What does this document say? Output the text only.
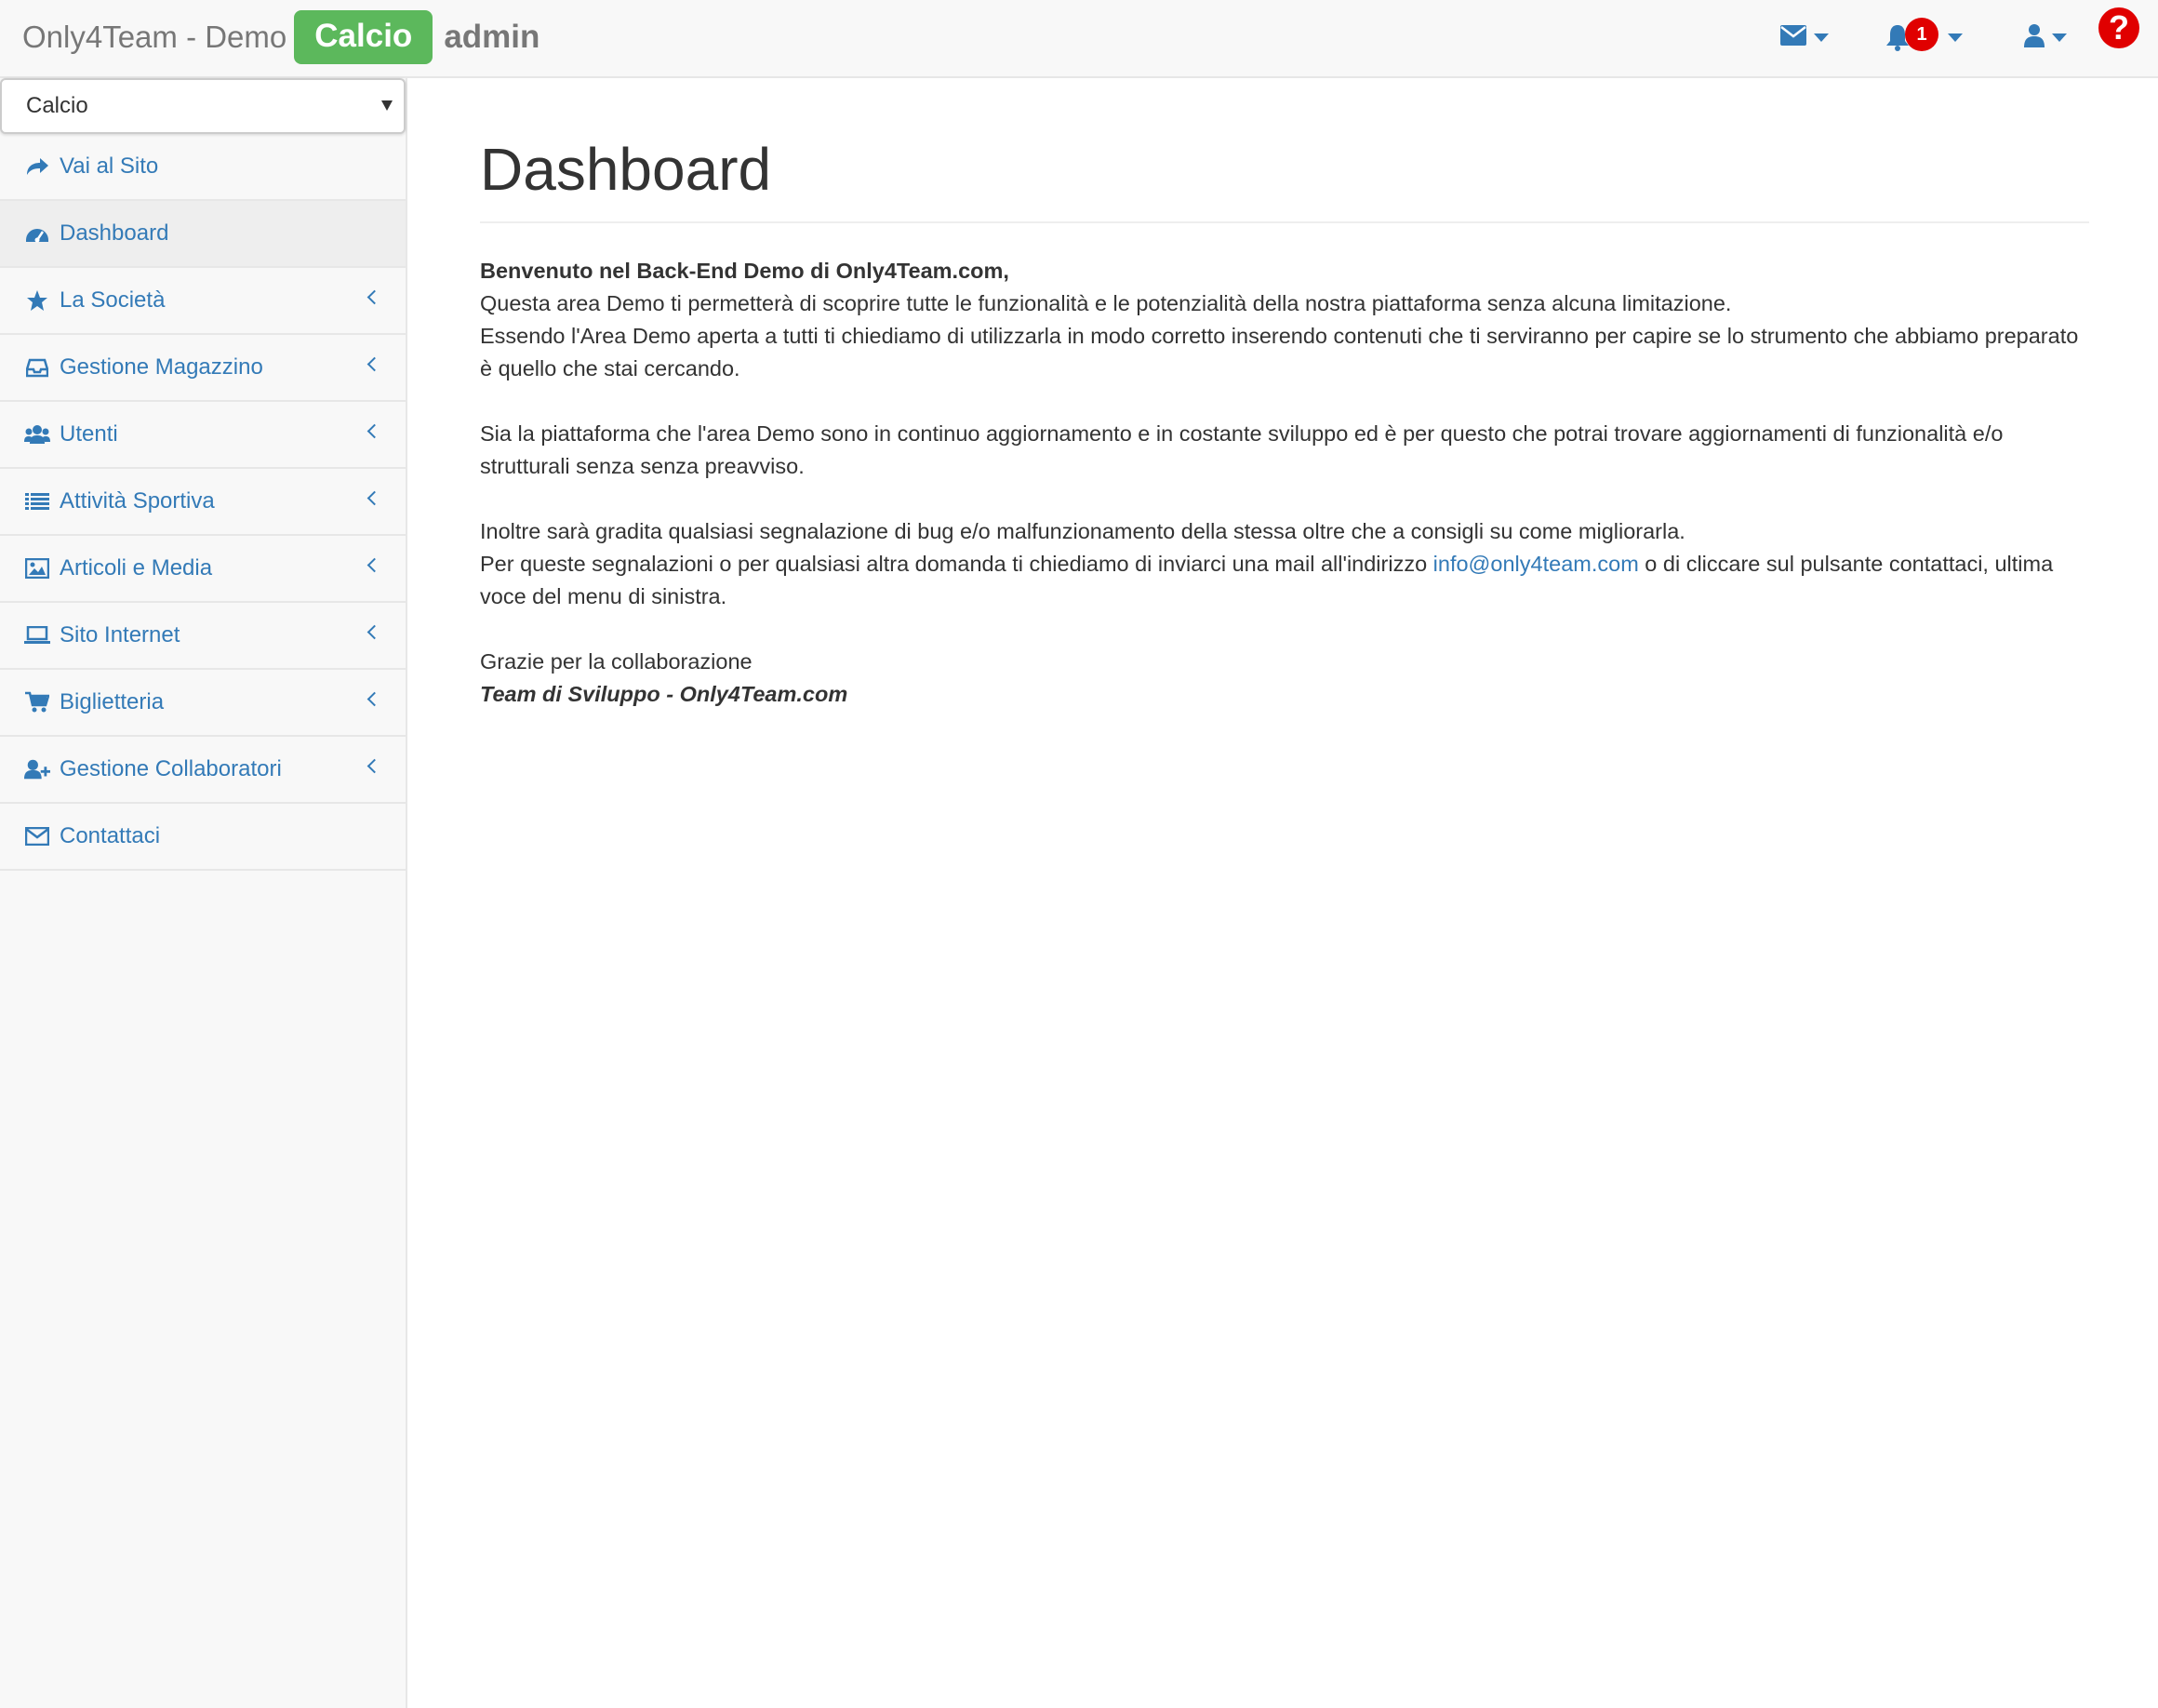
Only4Team - Demo Calcio admin	1	?
Calcio
Vai al Sito
Dashboard
La Società
Gestione Magazzino
Utenti
Attività Sportiva
Articoli e Media
Sito Internet
Biglietteria
Gestione Collaboratori
Contattaci
Dashboard

Benvenuto nel Back-End Demo di Only4Team.com,
Questa area Demo ti permetterà di scoprire tutte le funzionalità e le potenzialità della nostra piattaforma senza alcuna limitazione.
Essendo l'Area Demo aperta a tutti ti chiediamo di utilizzarla in modo corretto inserendo contenuti che ti serviranno per capire se lo strumento che abbiamo preparato è quello che stai cercando.

Sia la piattaforma che l'area Demo sono in continuo aggiornamento e in costante sviluppo ed è per questo che potrai trovare aggiornamenti di funzionalità e/o strutturali senza senza preavviso.

Inoltre sarà gradita qualsiasi segnalazione di bug e/o malfunzionamento della stessa oltre che a consigli su come migliorarla.
Per queste segnalazioni o per qualsiasi altra domanda ti chiediamo di inviarci una mail all'indirizzo info@only4team.com o di cliccare sul pulsante contattaci, ultima voce del menu di sinistra.

Grazie per la collaborazione
Team di Sviluppo - Only4Team.com
